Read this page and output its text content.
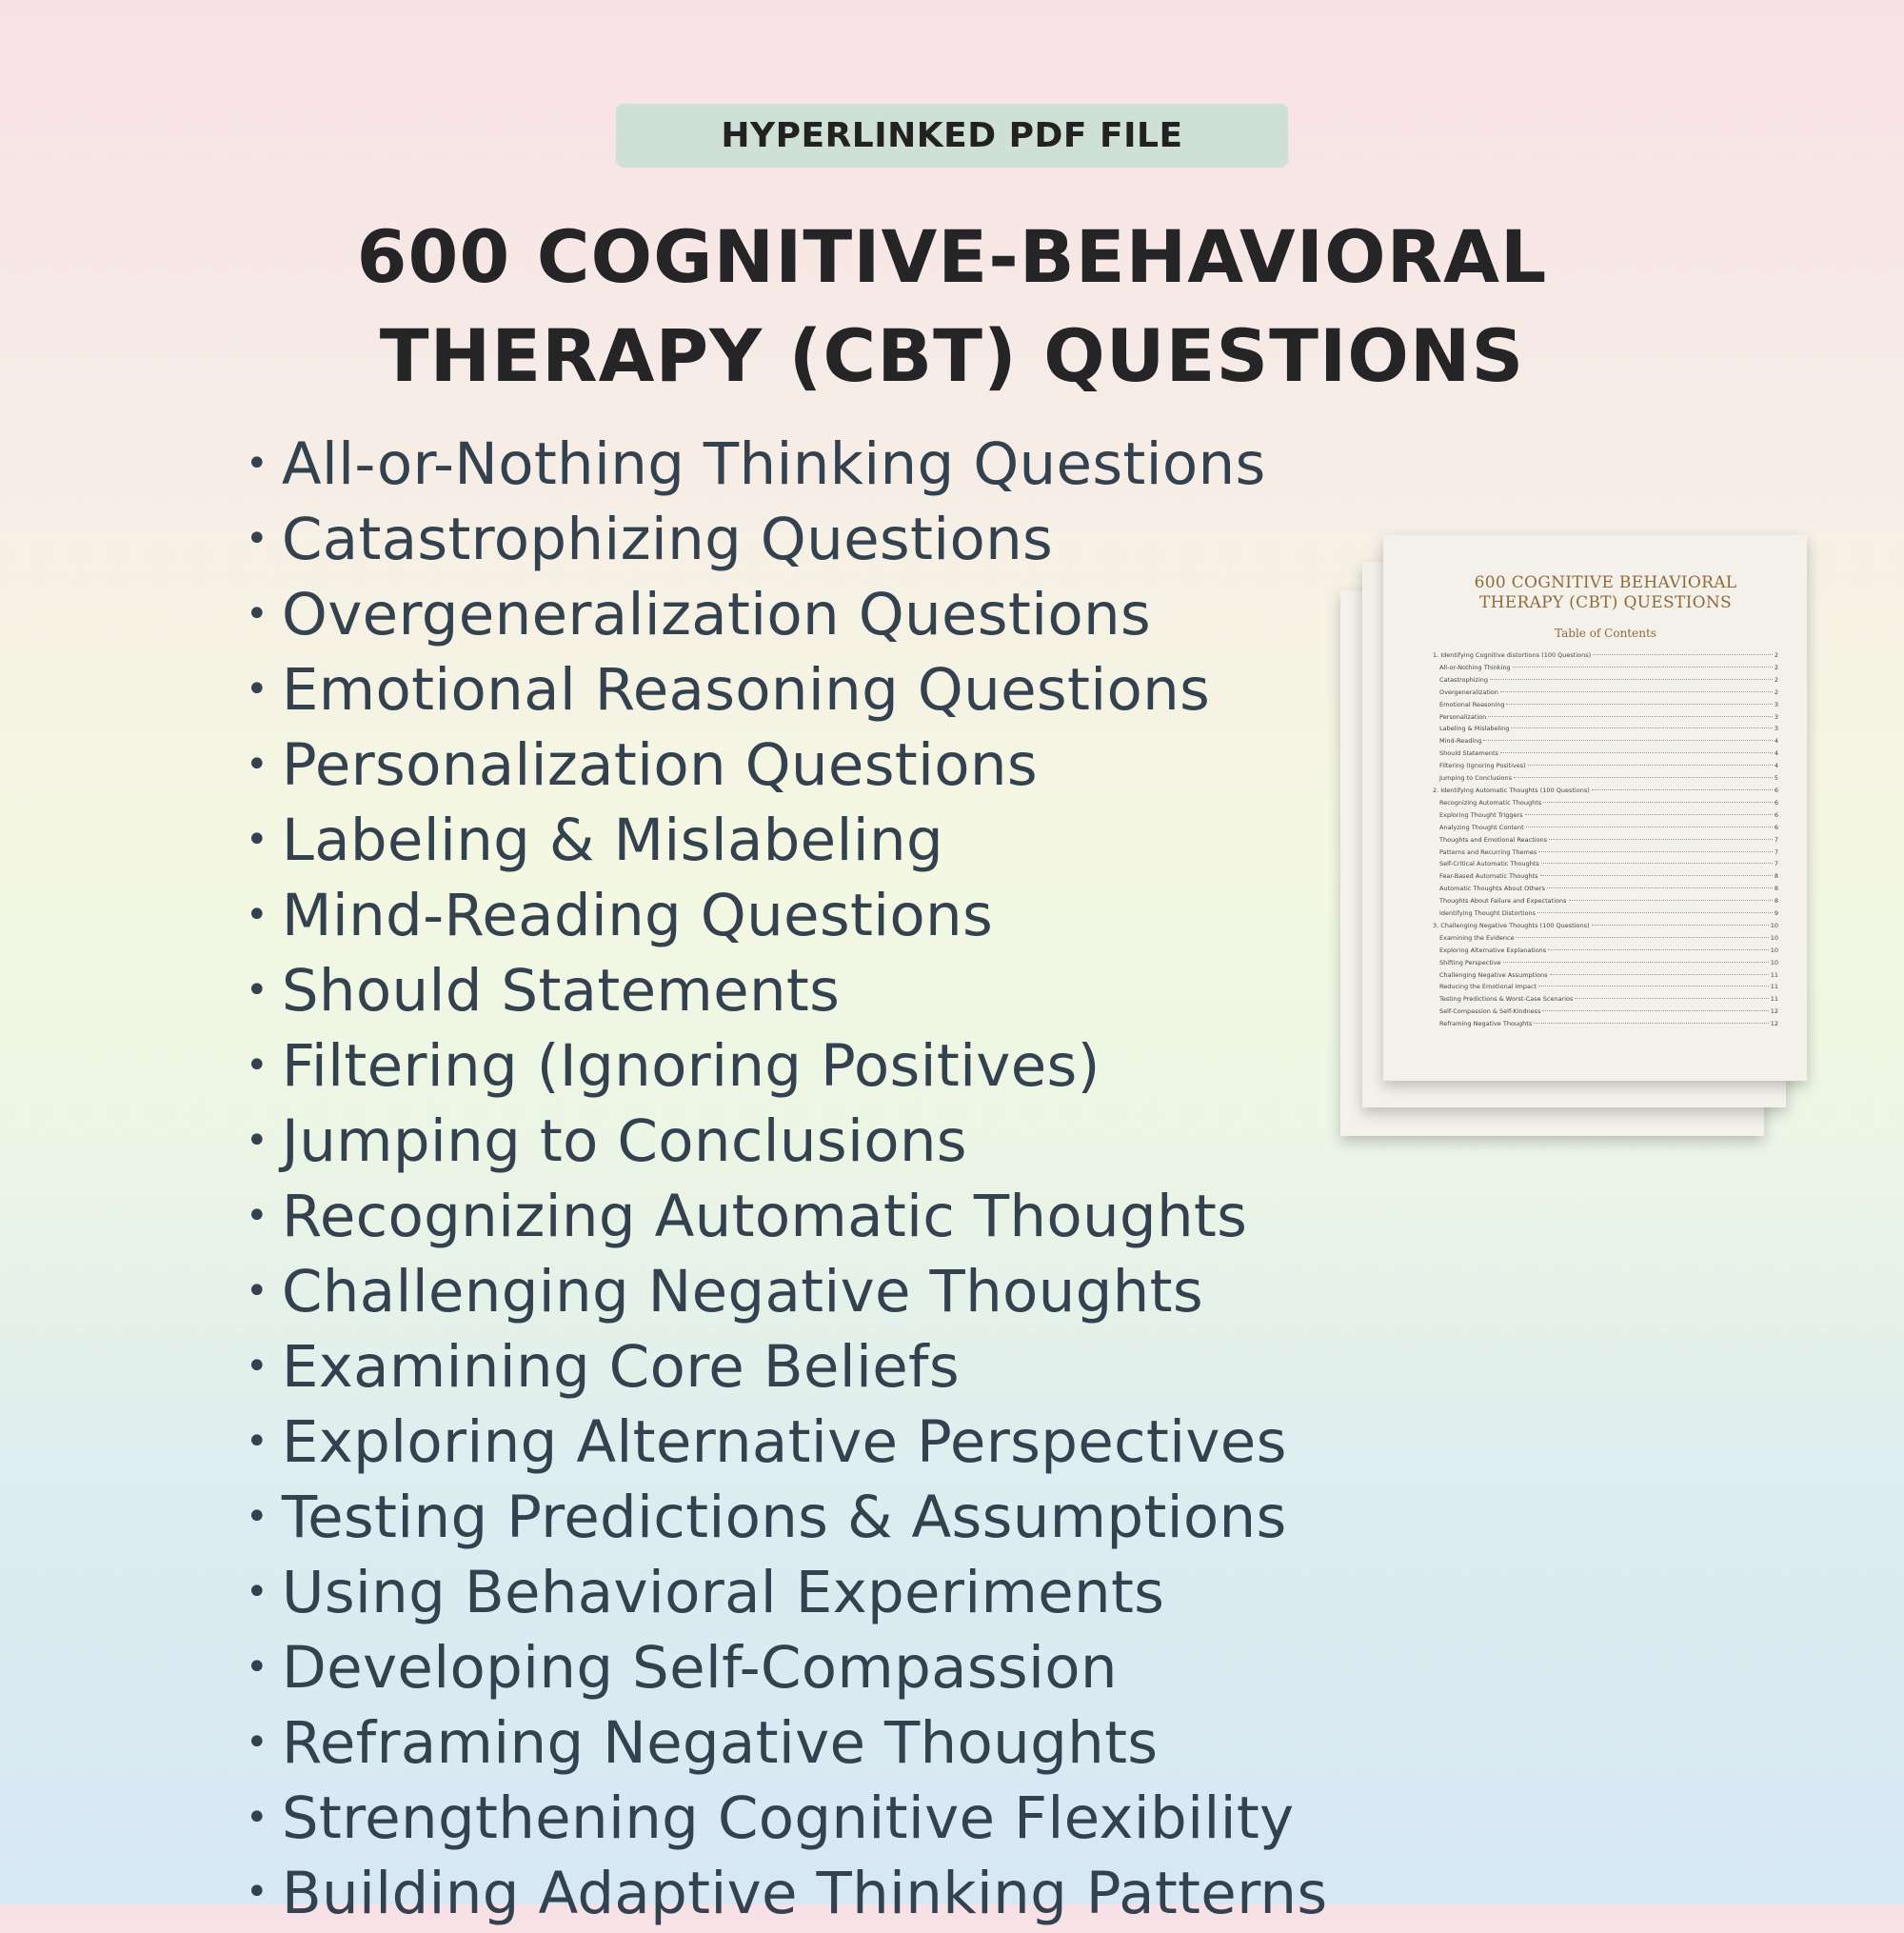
HYPERLINKED PDF FILE
600 COGNITIVE-BEHAVIORAL
THERAPY (CBT) QUESTIONS
• All-or-Nothing Thinking Questions
• Catastrophizing Questions
• Overgeneralization Questions
• Emotional Reasoning Questions
• Personalization Questions
• Labeling & Mislabeling
• Mind-Reading Questions
• Should Statements
• Filtering (Ignoring Positives)
• Jumping to Conclusions
• Recognizing Automatic Thoughts
• Challenging Negative Thoughts
• Examining Core Beliefs
• Exploring Alternative Perspectives
• Testing Predictions & Assumptions
• Using Behavioral Experiments
• Developing Self-Compassion
• Reframing Negative Thoughts
• Strengthening Cognitive Flexibility
• Building Adaptive Thinking Patterns
600 COGNITIVE BEHAVIORAL
THERAPY (CBT) QUESTIONS
Table of Contents
1. Identifying Cognitive distortions (100 Questions)	2
All-or-Nothing Thinking	2
Catastrophizing	2
Overgeneralization	2
Emotional Reasoning	3
Personalization	3
Labeling & Mislabeling	3
Mind-Reading	4
Should Statements	4
Filtering (Ignoring Positives)	4
Jumping to Conclusions	5
2. Identifying Automatic Thoughts (100 Questions)	6
Recognizing Automatic Thoughts	6
Exploring Thought Triggers	6
Analyzing Thought Content	6
Thoughts and Emotional Reactions	7
Patterns and Recurring Themes	7
Self-Critical Automatic Thoughts	7
Fear-Based Automatic Thoughts	8
Automatic Thoughts About Others	8
Thoughts About Failure and Expectations	8
Identifying Thought Distortions	9
3. Challenging Negative Thoughts (100 Questions)	10
Examining the Evidence	10
Exploring Alternative Explanations	10
Shifting Perspective	10
Challenging Negative Assumptions	11
Reducing the Emotional Impact	11
Testing Predictions & Worst-Case Scenarios	11
Self-Compassion & Self-Kindness	12
Reframing Negative Thoughts	12
